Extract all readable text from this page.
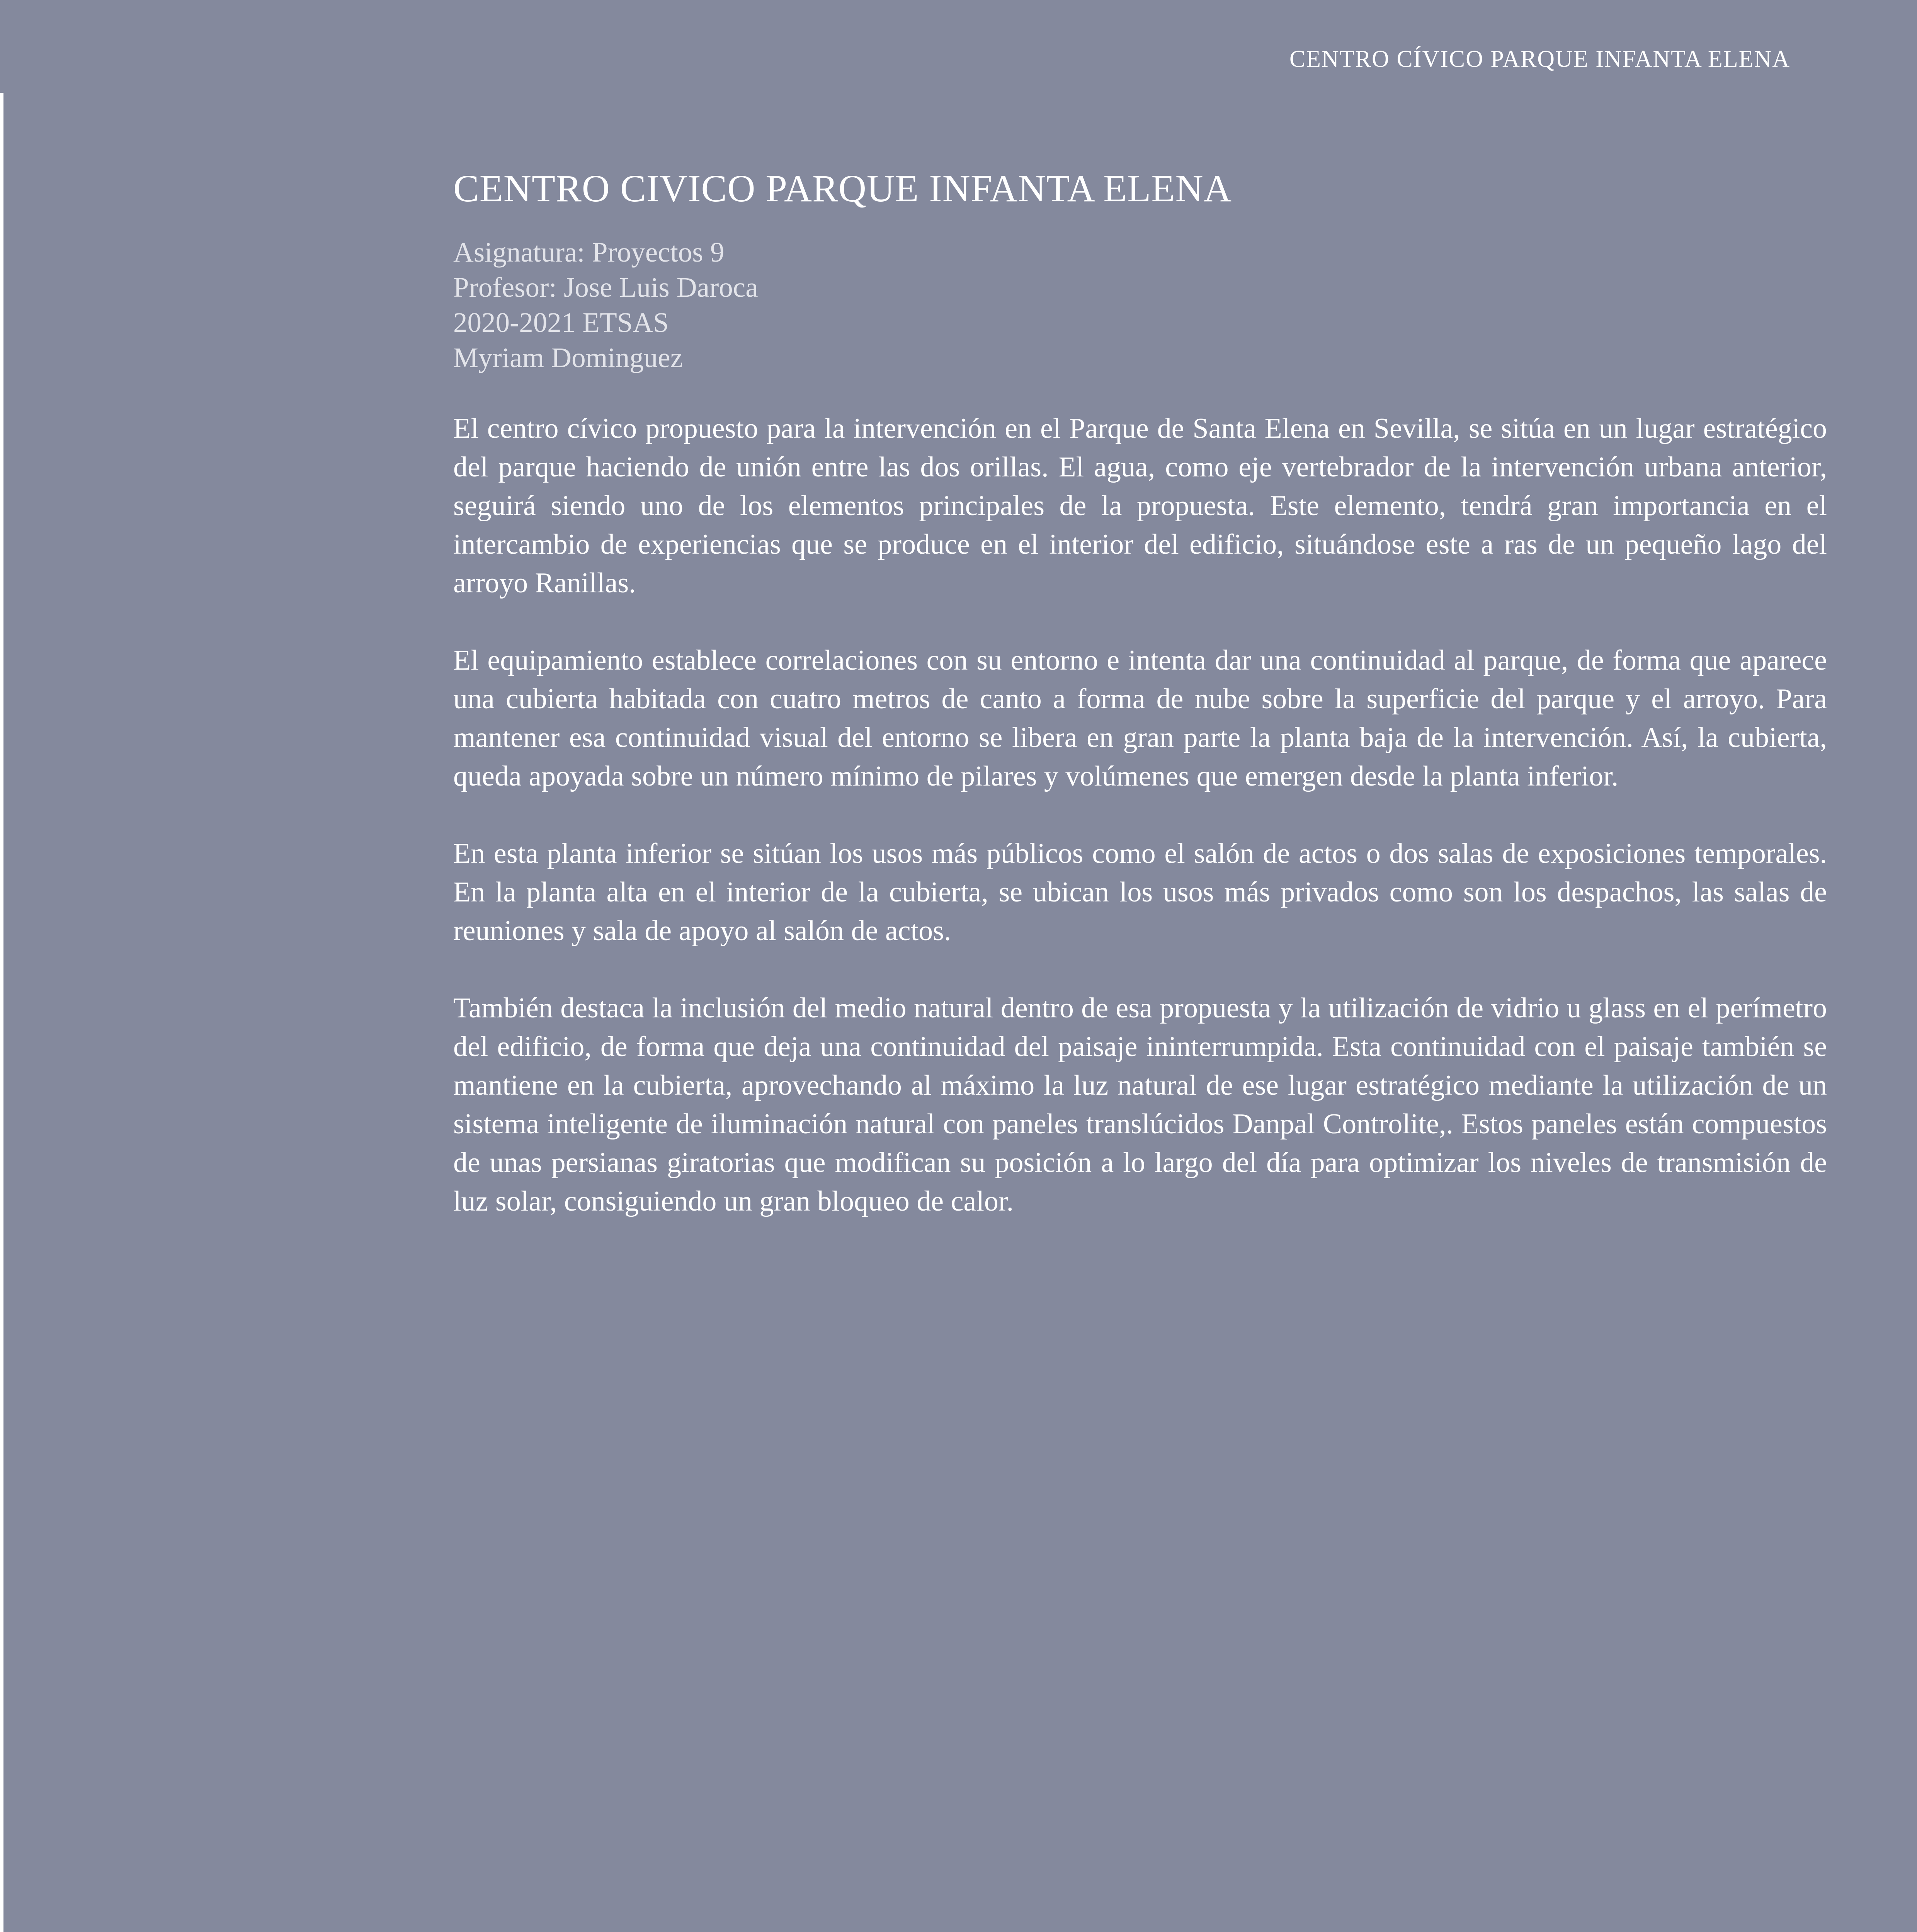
CENTRO CÍVICO PARQUE INFANTA ELENA
CENTRO CIVICO PARQUE INFANTA ELENA
Asignatura: Proyectos 9
Profesor: Jose Luis Daroca
2020-2021 ETSAS
Myriam Dominguez

El centro cívico propuesto para la intervención en el Parque de Santa Elena en Sevilla, se sitúa en un lugar estratégico del parque haciendo de unión entre las dos orillas. El agua, como eje vertebrador de la intervención urbana anterior, seguirá siendo uno de los elementos principales de la propuesta. Este elemento, tendrá gran importancia en el intercambio de experiencias que se produce en el interior del edificio, situándose este a ras de un pequeño lago del arroyo Ranillas.

El equipamiento establece correlaciones con su entorno e intenta dar una continuidad al parque, de forma que aparece una cubierta habitada con cuatro metros de canto a forma de nube sobre la superficie del parque y el arroyo. Para mantener esa continuidad visual del entorno se libera en gran parte la planta baja de la intervención. Así, la cubierta, queda apoyada sobre un número mínimo de pilares y volúmenes que emergen desde la planta inferior.

En esta planta inferior se sitúan los usos más públicos como el salón de actos o dos salas de exposiciones temporales. En la planta alta en el interior de la cubierta, se ubican los usos más privados como son los despachos, las salas de reuniones y sala de apoyo al salón de actos.

También destaca la inclusión del medio natural dentro de esa propuesta y la utilización de vidrio u glass en el perímetro del edificio, de forma que deja una continuidad del paisaje ininterrumpida. Esta continuidad con el paisaje también se mantiene en la cubierta, aprovechando al máximo la luz natural de ese lugar estratégico mediante la utilización de un sistema inteligente de iluminación natural con paneles translúcidos Danpal Controlite,. Estos paneles están compuestos de unas persianas giratorias que modifican su posición a lo largo del día para optimizar los niveles de transmisión de luz solar, consiguiendo un gran bloqueo de calor.
